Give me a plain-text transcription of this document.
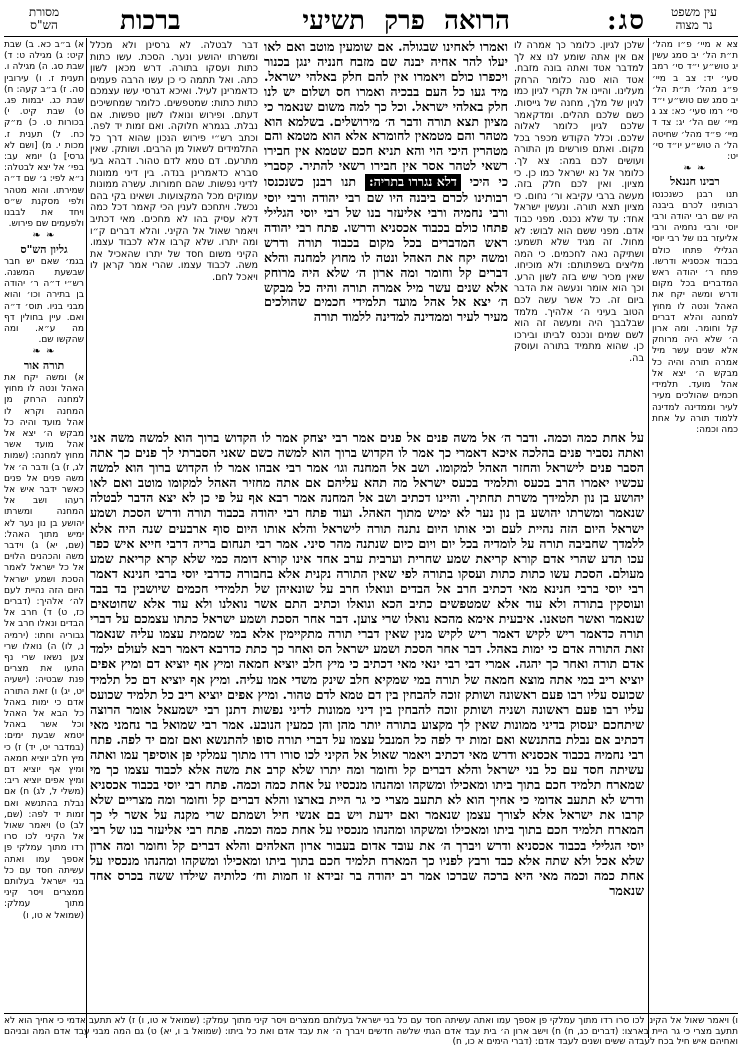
עין משפט
נר מצוה
סג:
הרואה פרק תשיעי
ברכות
מסורת
הש"ס
צא א מיי׳ פ״ו מהל׳ ת״ת הל׳ יב סמג עשין יג טוש״ע י״ד סי׳ רמב סעי׳ יד: צב ב מיי׳ פ״ג מהל׳ ת״ת הל׳ יב סמג שם טוש״ע י״ד סי׳ רמו סעי׳ כא: צג ג מיי׳ שם הל׳ יג: צד ד מיי׳ פ״ד מהל׳ שחיטה הל׳ ה טוש״ע יו״ד סי׳ יט:
❧ ❧
רבינו חננאל
תנו רבנן כשנכנסו רבותינו לכרם ביבנה היו שם רבי יהודה ורבי יוסי ורבי נחמיה ורבי אליעזר בנו של רבי יוסי הגלילי פתחו כולם בכבוד אכסניא ודרשו. פתח ר׳ יהודה ראש המדברים בכל מקום ודרש ומשה יקח את האהל ונטה לו מחוץ למחנה והלא דברים קל וחומר. ומה ארון ה׳ שלא היה מרוחק אלא שנים עשר מיל אמרה תורה והיה כל מבקש ה׳ יצא אל אהל מועד. תלמידי חכמים שהולכים מעיר לעיר וממדינה למדינה ללמוד תורה על אחת כמה וכמה:
שלכן לגיון. כלומר כך אמרה לו אם אין אתה שומע לנו צא לך למדבר אטד ואתה בונה מזבח. אטד הוא סנה כלומר הרחק מעלינו. והיינו אל תקרי לגיון כמו לגיון של מלך, מחנה של גייסות. כשם שלכם תהלים. ומדקאמר שלכם לגיון כלומר לאלוה שלכם. וכלל הקודש מכפר בכל מקום. ואתם פורשים מן התורה ועושים לכם במה: צא לך. כלומר אל נא ישראל כמו כן. כי מציון. ואין לכם חלק בזה. מעשה ברבי עקיבא ור׳ נחום. כי מציון תצא תורה. ונעשין ישראל אחד: עד שלא נכנס. מפני כבוד אדם. מפני ששם הוא לבוש: לא מחול. זה מגיד שלא תשמע: ושתיקה נאה לחכמים. כי המה מליצים בשפתותם: ולא מוכיחו. שאין מכיר שיש בזה לשון הרע. וכך הוא אומר ונעשה את הדבר ביום זה. כל אשר עשה לכם הטוב בעיני ה׳ אלהיך. מלמד שבלבבך היה ומעשה זה הוא לשם שמים ונכנס לביתו ובירכו כן. שהוא מתמיד בתורה ועוסק בה.
ואמרו לאחינו שבגולה. אם שומעין מוטב ואם לאו יעלו להר אחיה יבנה שם מזבח חנניה ינגן בכנור ויכפרו כולם ויאמרו אין להם חלק באלהי ישראל. מיד געו כל העם בבכיה ואמרו חס ושלום יש לנו חלק באלהי ישראל. וכל כך למה משום שנאמר כי מציון תצא תורה ודבר ה׳ מירושלים. בשלמא הוא מטהר והם מטמאין לחומרא אלא הוא מטמא והם מטהרין היכי הוי והא תניא חכם שטמא אין חבירו רשאי לטהר אסר אין חבירו רשאי להתיר. קסברי כי היכי דלא נגררו בתריה: תנו רבנן כשנכנסו רבותינו לכרם ביבנה היו שם רבי יהודה ורבי יוסי ורבי נחמיה ורבי אליעזר בנו של רבי יוסי הגלילי פתחו כולם בכבוד אכסניא ודרשו. פתח רבי יהודה ראש המדברים בכל מקום בכבוד תורה ודרש ומשה יקח את האהל ונטה לו מחוץ למחנה והלא דברים קל וחומר ומה ארון ה׳ שלא היה מרוחק אלא שנים עשר מיל אמרה תורה והיה כל מבקש ה׳ יצא אל אהל מועד תלמידי חכמים שהולכים מעיר לעיר וממדינה למדינה ללמוד תורה
דבר לבטלה. לא גרסינן ולא מכלל ומשרתו יהושע ונער. הסכת. עשו כתות כתות ועסקו בתורה. דרש מכאן לשון כתה. ואל תתמה כי כן עשו הרבה פעמים כדאמרינן לעיל. ואיכא דגרסי עשו עצמכם כתות כתות: שמטפשים. כלומר שמחשיכים דעתם. ופירוש ונואלו לשון טפשות. אם נבלת. בגמרא חלוקה. ואם זמות יד לפה. וכתב רש״י פירוש הנכון שהוא דרך כל התלמידים לשאול מן הרבים. ושותק. שאין מתרעם. דם טמא לדם טהור. דבהא בעי סברא כדאמרינן בנדה. בין דיני ממונות לדיני נפשות. שהם חמורות. עשרה ממונות עמוקים מכל המקצועות. ושאינו בקי בהם נכשל. ויתחכם לענין הכי קאמר דכל כמה דלא עסיק בהו לא מחכים. מאי דכתיב ויאמר שאול אל הקיני. והלא דברים ק״ו ומה יתרו. שלא קרבו אלא לכבוד עצמו. הקיני משום חסד של יתרו שהאכיל את משה. לכבוד עצמו. שהרי אמר קראן לו ויאכל לחם.
על אחת כמה וכמה. ודבר ה׳ אל משה פנים אל פנים אמר רבי יצחק אמר לו הקדוש ברוך הוא למשה משה אני ואתה נסביר פנים בהלכה איכא דאמרי כך אמר לו הקדוש ברוך הוא למשה כשם שאני הסברתי לך פנים כך אתה הסבר פנים לישראל והחזר האהל למקומו. ושב אל המחנה וגו׳ אמר רבי אבהו אמר לו הקדוש ברוך הוא למשה עכשיו יאמרו הרב בכעס ותלמיד בכעס ישראל מה תהא עליהם אם אתה מחזיר האהל למקומו מוטב ואם לאו יהושע בן נון תלמידך משרת תחתיך. והיינו דכתיב ושב אל המחנה אמר רבא אף על פי כן לא יצא הדבר לבטלה שנאמר ומשרתו יהושע בן נון נער לא ימיש מתוך האהל. ועוד פתח רבי יהודה בכבוד תורה ודרש הסכת ושמע ישראל היום הזה נהיית לעם וכי אותו היום נתנה תורה לישראל והלא אותו היום סוף ארבעים שנה היה אלא ללמדך שחביבה תורה על לומדיה בכל יום ויום כיום שנתנה מהר סיני. אמר רבי תנחום בריה דרבי חייא איש כפר עכו תדע שהרי אדם קורא קריאת שמע שחרית וערבית ערב אחד אינו קורא דומה כמי שלא קרא קריאת שמע מעולם. הסכת עשו כתות כתות ועסקו בתורה לפי שאין התורה נקנית אלא בחבורה כדרבי יוסי ברבי חנינא דאמר רבי יוסי ברבי חנינא מאי דכתיב חרב אל הבדים ונואלו חרב על שונאיהן של תלמידי חכמים שיושבין בד בבד ועוסקין בתורה ולא עוד אלא שמטפשים כתיב הכא ונואלו וכתיב התם אשר נואלנו ולא עוד אלא שחוטאים שנאמר ואשר חטאנו. איבעית אימא מהכא נואלו שרי צוען. דבר אחר הסכת ושמע ישראל כתתו עצמכם על דברי תורה כדאמר ריש לקיש דאמר ריש לקיש מנין שאין דברי תורה מתקיימין אלא במי שממית עצמו עליה שנאמר זאת התורה אדם כי ימות באהל. דבר אחר הסכת ושמע ישראל הס ואחר כך כתת כדרבא דאמר רבא לעולם ילמד אדם תורה ואחר כך יהגה. אמרי דבי רבי ינאי מאי דכתיב כי מיץ חלב יוציא חמאה ומיץ אף יוציא דם ומיץ אפים יוציא ריב במי אתה מוצא חמאה של תורה במי שמקיא חלב שינק משדי אמו עליה. ומיץ אף יוציא דם כל תלמיד שכועס עליו רבו פעם ראשונה ושותק זוכה להבחין בין דם טמא לדם טהור. ומיץ אפים יוציא ריב כל תלמיד שכועס עליו רבו פעם ראשונה ושניה ושותק זוכה להבחין בין דיני ממונות לדיני נפשות דתנן רבי ישמעאל אומר הרוצה שיתחכם יעסוק בדיני ממונות שאין לך מקצוע בתורה יותר מהן והן כמעין הנובע. אמר רבי שמואל בר נחמני מאי דכתיב אם נבלת בהתנשא ואם זמות יד לפה כל המנבל עצמו על דברי תורה סופו להתנשא ואם זמם יד לפה. פתח רבי נחמיה בכבוד אכסניא ודרש מאי דכתיב ויאמר שאול אל הקיני לכו סורו רדו מתוך עמלקי פן אוסיפך עמו ואתה עשיתה חסד עם כל בני ישראל והלא דברים קל וחומר ומה יתרו שלא קרב את משה אלא לכבוד עצמו כך מי שמארח תלמיד חכם בתוך ביתו ומאכילו ומשקהו ומהנהו מנכסיו על אחת כמה וכמה. פתח רבי יוסי בכבוד אכסניא ודרש לא תתעב אדומי כי אחיך הוא לא תתעב מצרי כי גר היית בארצו והלא דברים קל וחומר ומה מצריים שלא קרבו את ישראל אלא לצורך עצמן שנאמר ואם ידעת ויש בם אנשי חיל ושמתם שרי מקנה על אשר לי כך המארח תלמיד חכם בתוך ביתו ומאכילו ומשקהו ומהנהו מנכסיו על אחת כמה וכמה. פתח רבי אליעזר בנו של רבי יוסי הגלילי בכבוד אכסניא ודרש ויברך ה׳ את עובד אדום בעבור ארון האלהים והלא דברים קל וחומר ומה ארון שלא אכל ולא שתה אלא כבד ורבץ לפניו כך המארח תלמיד חכם בתוך ביתו ומאכילו ומשקהו ומהנהו מנכסיו על אחת כמה וכמה מאי היא ברכה שברכו אמר רב יהודה בר זבידא זו חמות וח׳ כלותיה שילדו ששה בכרס אחד שנאמר
א) ב״ב כא. ב) שבת קיט: ג) מגילה ט: ד) שבת סג. ה) מגילה ו. תענית ז. ו) עירובין סה. ז) ב״ב קעה: ח) שבת כג. יבמות פג. ט) שבת קיט. י) בכורות ט. כ) מ״ק כח. ל) תענית ז. מכות י. מ) [ושם לא גרסי] נ) יומא עב: בפי׳ אל יצא לבטלה: נ״א לפי: ג׳ שם ד״ה שמירתו. והוא מטהר ולפי מסקנת ש״ס ויחד את לבבנו ולפעמים שם פירוש.
❧ ❧
גליון הש"ס
בגמ׳ שאם יש חבר שבשעת המשנה. רש״י ד״ה ר׳ יהודה בן בתירה וכו׳ והוא מבני בניו. תוס׳ ד״ה ואם. עיין בחולין דף מה ע״א. ומה שהקשו שם.
❧ ❧
תורה אור
א) ומשה יקח את האהל ונטה לו מחוץ למחנה הרחק מן המחנה וקרא לו אהל מועד והיה כל מבקש ה׳ יצא אל אהל מועד אשר מחוץ למחנה: (שמות לג, ז) ב) ודבר ה׳ אל משה פנים אל פנים כאשר ידבר איש אל רעהו ושב אל המחנה ומשרתו יהושע בן נון נער לא ימיש מתוך האהל: (שם, יא) ג) וידבר משה והכהנים הלוים אל כל ישראל לאמר הסכת ושמע ישראל היום הזה נהיית לעם לה׳ אלהיך: (דברים כז, ט) ד) חרב אל הבדים ונאלו חרב אל גבוריה וחתו: (ירמיה נ, לו) ה) נואלו שרי צען נשאו שרי נף התעו את מצרים פנת שבטיה: (ישעיה יט, יג) ו) זאת התורה אדם כי ימות באהל כל הבא אל האהל וכל אשר באהל יטמא שבעת ימים: (במדבר יט, יד) ז) כי מיץ חלב יוציא חמאה ומיץ אף יוציא דם ומיץ אפים יוציא ריב: (משלי ל, לג) ח) אם נבלת בהתנשא ואם זמות יד לפה: (שם, לב) ט) ויאמר שאול אל הקיני לכו סרו רדו מתוך עמלקי פן אספך עמו ואתה עשיתה חסד עם כל בני ישראל בעלותם ממצרים ויסר קיני מתוך עמלק: (שמואל א טו, ו)
ו) ויאמר שאול אל הקיני לכו סרו רדו מתוך עמלקי פן אספך עמו ואתה עשיתה חסד עם כל בני ישראל בעלותם ממצרים ויסר קיני מתוך עמלק: (שמואל א טו, ו) ז) לא תתעב אדמי כי אחיך הוא לא תתעב מצרי כי גר היית בארצו: (דברים כג, ח) ח) וישב ארון ה׳ בית עבד אדם הגתי שלשה חדשים ויברך ה׳ את עבד אדם ואת כל ביתו: (שמואל ב ו, יא) ט) גם המה מבני עבד אדם המה ובניהם ואחיהם איש חיל בכח לעבדה ששים ושנים לעבד אדם: (דברי הימים א כו, ח)
